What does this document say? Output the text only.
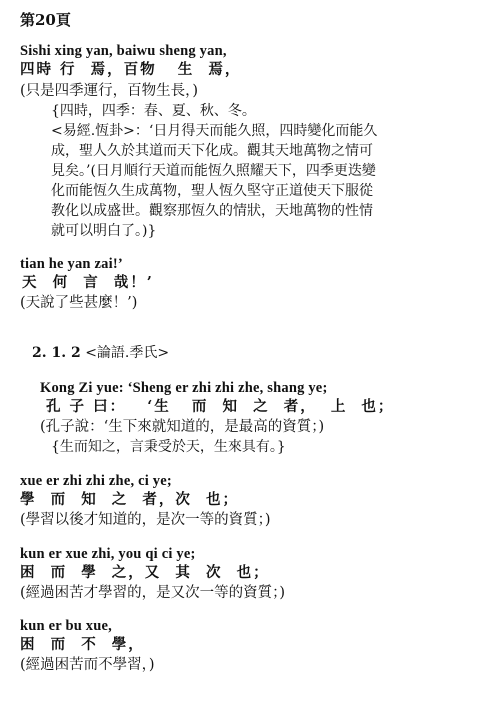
第20頁
Sishi xing yan, baiwu sheng yan,
四時 行  焉，百物   生  焉，
(只是四季運行，百物生長，)
{四時，四季：春、夏、秋、冬。
<易經.恆卦>：‘日月得天而能久照，四時變化而能久
成，聖人久於其道而天下化成。觀其天地萬物之情可
見矣。’(日月順行天道而能恆久照耀天下，四季更迭變
化而能恆久生成萬物，聖人恆久堅守正道使天下服從
教化以成盛世。觀察那恆久的情狀，天地萬物的性情
就可以明白了。)}
tian he yan zai!’
天  何  言  哉！’
(天說了些甚麼！’)
2. 1. 2 <論語.季氏>
Kong Zi yue: ‘Sheng er zhi zhi zhe, shang ye;
孔 子 曰：   ‘生   而  知  之  者，  上  也；
(孔子說：‘生下來就知道的，是最高的資質；)
{生而知之，言秉受於天，生來具有。}
xue er zhi zhi zhe, ci ye;
學  而  知  之  者，次  也；
(學習以後才知道的，是次一等的資質；)
kun er xue zhi, you qi ci ye;
困  而  學  之，又  其  次  也；
(經過困苦才學習的，是又次一等的資質；)
kun er bu xue,
困  而  不  學，
(經過困苦而不學習，)
